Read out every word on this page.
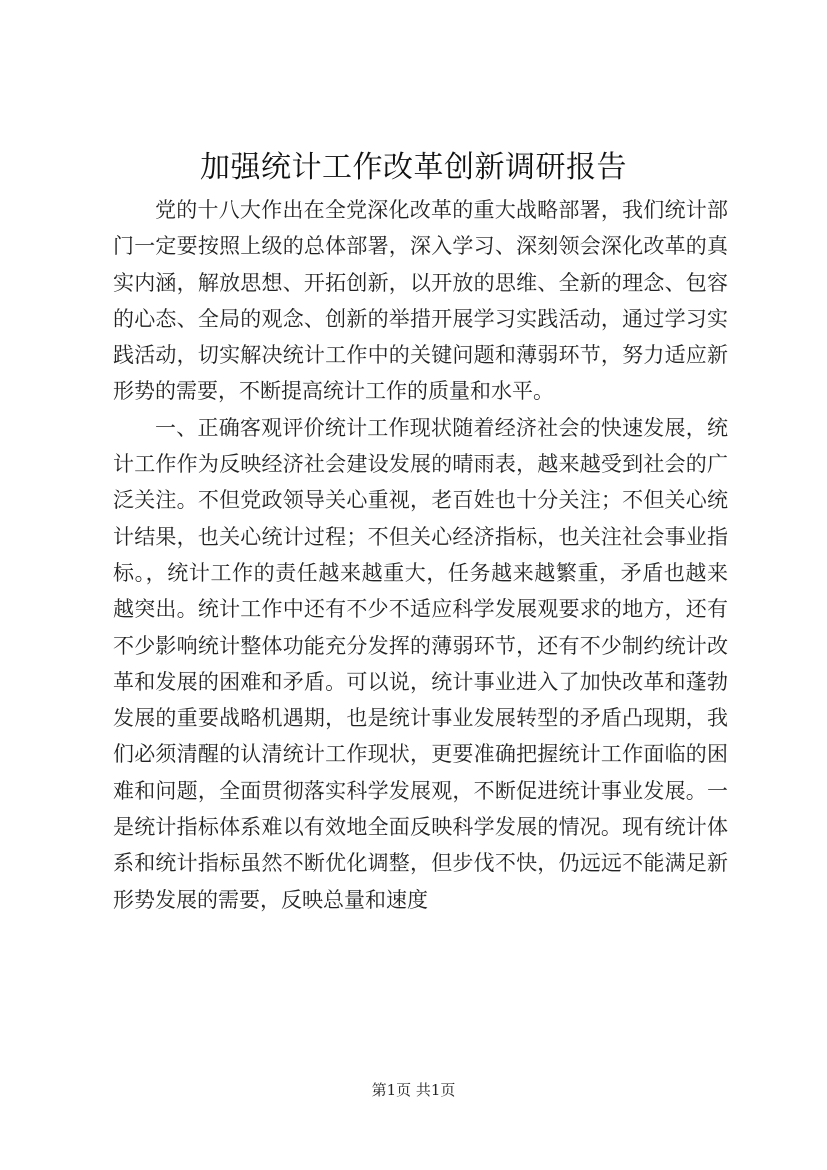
加强统计工作改革创新调研报告

党的十八大作出在全党深化改革的重大战略部署，我们统计部门一定要按照上级的总体部署，深入学习、深刻领会深化改革的真实内涵，解放思想、开拓创新，以开放的思维、全新的理念、包容的心态、全局的观念、创新的举措开展学习实践活动，通过学习实践活动，切实解决统计工作中的关键问题和薄弱环节，努力适应新形势的需要，不断提高统计工作的质量和水平。

一、正确客观评价统计工作现状随着经济社会的快速发展，统计工作作为反映经济社会建设发展的晴雨表，越来越受到社会的广泛关注。不但党政领导关心重视，老百姓也十分关注；不但关心统计结果，也关心统计过程；不但关心经济指标，也关注社会事业指标。，统计工作的责任越来越重大，任务越来越繁重，矛盾也越来越突出。统计工作中还有不少不适应科学发展观要求的地方，还有不少影响统计整体功能充分发挥的薄弱环节，还有不少制约统计改革和发展的困难和矛盾。可以说，统计事业进入了加快改革和蓬勃发展的重要战略机遇期，也是统计事业发展转型的矛盾凸现期，我们必须清醒的认清统计工作现状，更要准确把握统计工作面临的困难和问题，全面贯彻落实科学发展观，不断促进统计事业发展。一是统计指标体系难以有效地全面反映科学发展的情况。现有统计体系和统计指标虽然不断优化调整，但步伐不快，仍远远不能满足新形势发展的需要，反映总量和速度

第1页 共1页
